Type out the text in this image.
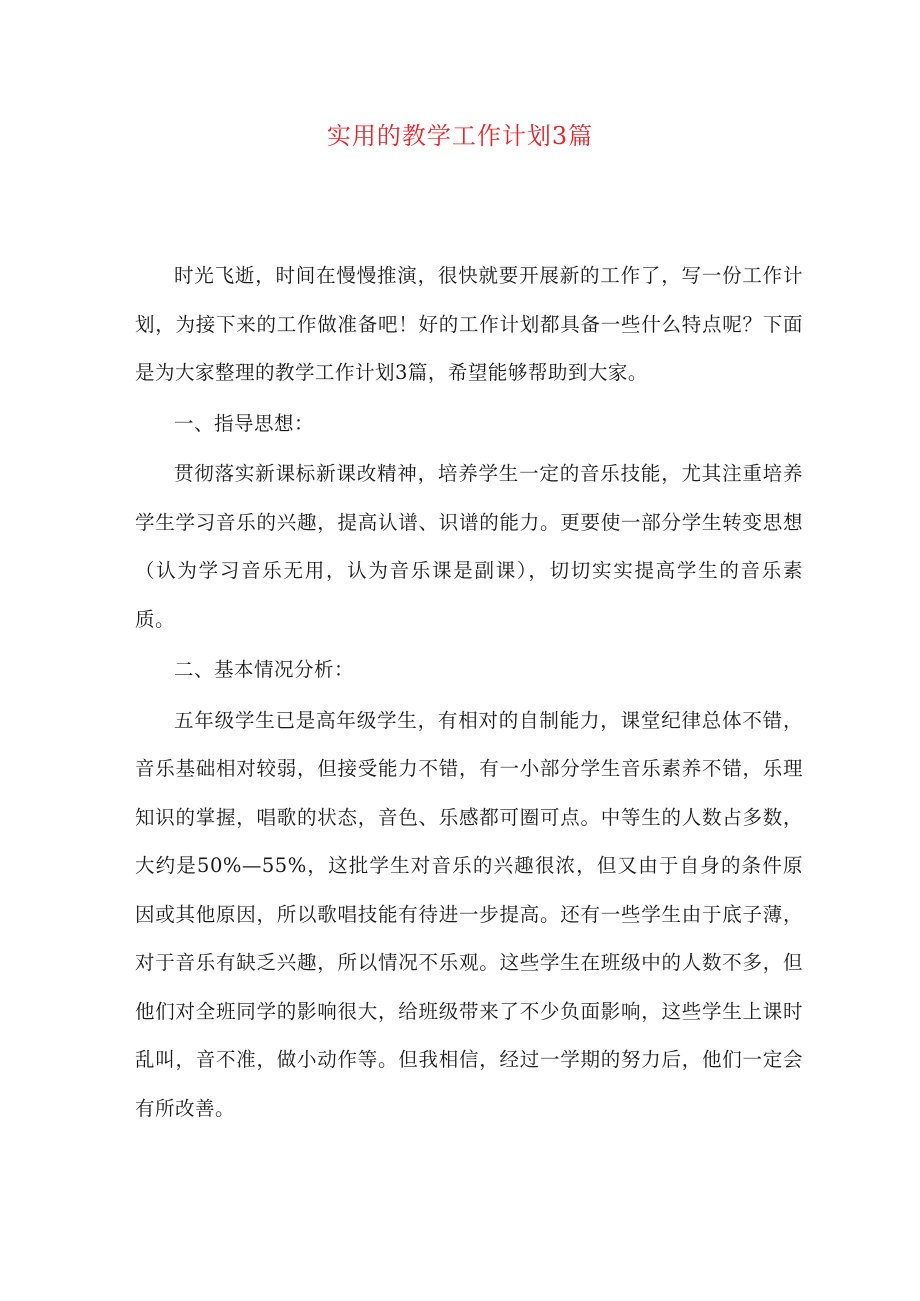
实用的教学工作计划3篇

时光飞逝，时间在慢慢推演，很快就要开展新的工作了，写一份工作计划，为接下来的工作做准备吧！好的工作计划都具备一些什么特点呢？下面是为大家整理的教学工作计划3篇，希望能够帮助到大家。

一、指导思想：

贯彻落实新课标新课改精神，培养学生一定的音乐技能，尤其注重培养学生学习音乐的兴趣，提高认谱、识谱的能力。更要使一部分学生转变思想（认为学习音乐无用，认为音乐课是副课），切切实实提高学生的音乐素质。

二、基本情况分析：

五年级学生已是高年级学生，有相对的自制能力，课堂纪律总体不错，音乐基础相对较弱，但接受能力不错，有一小部分学生音乐素养不错，乐理知识的掌握，唱歌的状态，音色、乐感都可圈可点。中等生的人数占多数，大约是50%—55%，这批学生对音乐的兴趣很浓，但又由于自身的条件原因或其他原因，所以歌唱技能有待进一步提高。还有一些学生由于底子薄，对于音乐有缺乏兴趣，所以情况不乐观。这些学生在班级中的人数不多，但他们对全班同学的影响很大，给班级带来了不少负面影响，这些学生上课时乱叫，音不准，做小动作等。但我相信，经过一学期的努力后，他们一定会有所改善。
